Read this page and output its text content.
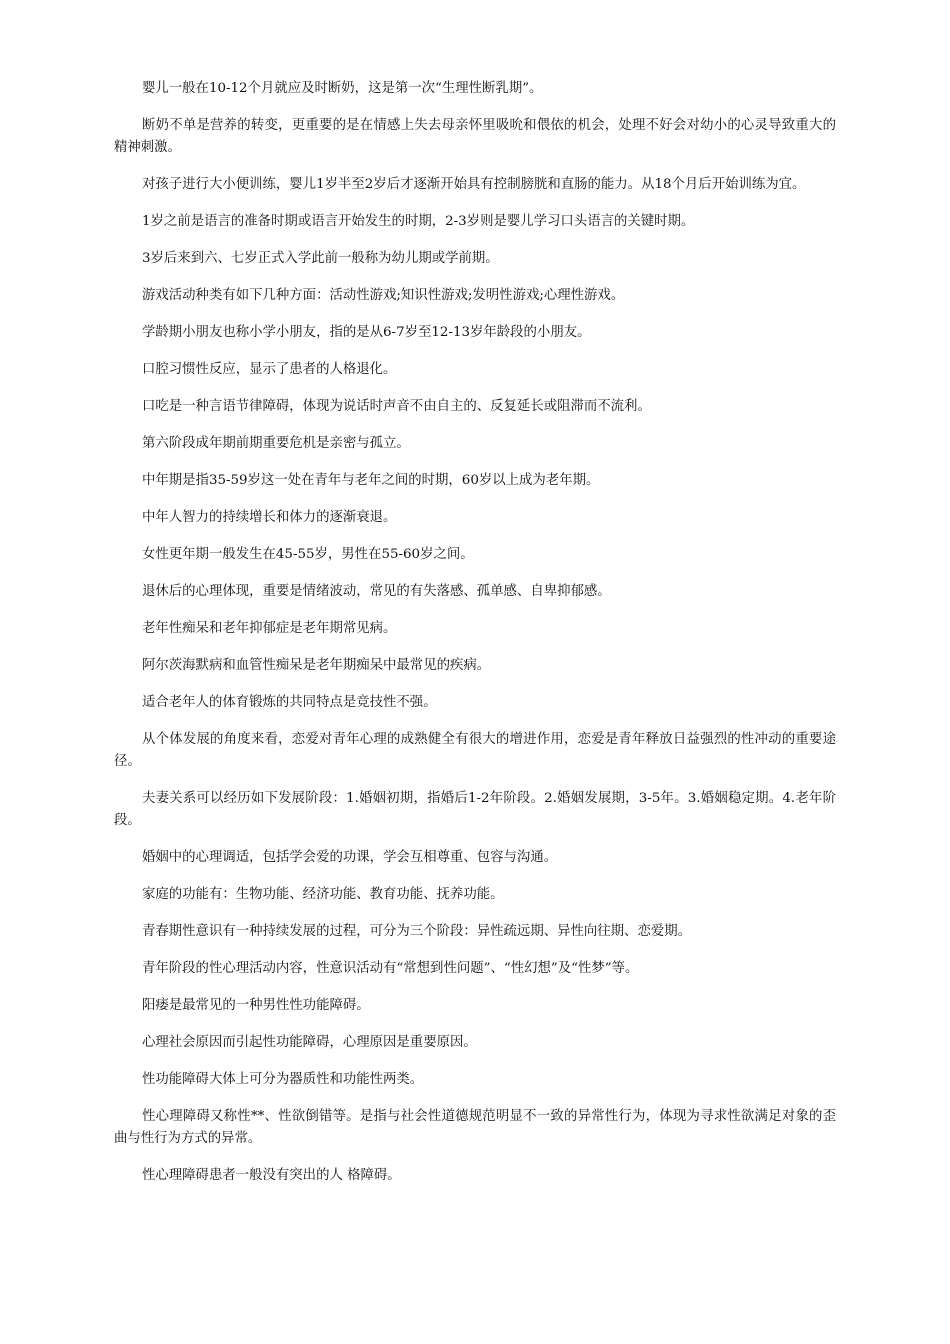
婴儿一般在10-12个月就应及时断奶，这是第一次“生理性断乳期”。

断奶不单是营养的转变，更重要的是在情感上失去母亲怀里吸吮和偎依的机会，处理不好会对幼小的心灵导致重大的精神刺激。

对孩子进行大小便训练，婴儿1岁半至2岁后才逐渐开始具有控制膀胱和直肠的能力。从18个月后开始训练为宜。

1岁之前是语言的准备时期或语言开始发生的时期，2-3岁则是婴儿学习口头语言的关键时期。

3岁后来到六、七岁正式入学此前一般称为幼儿期或学前期。

游戏活动种类有如下几种方面：活动性游戏;知识性游戏;发明性游戏;心理性游戏。

学龄期小朋友也称小学小朋友，指的是从6-7岁至12-13岁年龄段的小朋友。

口腔习惯性反应，显示了患者的人格退化。

口吃是一种言语节律障碍，体现为说话时声音不由自主的、反复延长或阻滞而不流利。

第六阶段成年期前期重要危机是亲密与孤立。

中年期是指35-59岁这一处在青年与老年之间的时期，60岁以上成为老年期。

中年人智力的持续增长和体力的逐渐衰退。

女性更年期一般发生在45-55岁，男性在55-60岁之间。

退休后的心理体现，重要是情绪波动，常见的有失落感、孤单感、自卑抑郁感。

老年性痴呆和老年抑郁症是老年期常见病。

阿尔茨海默病和血管性痴呆是老年期痴呆中最常见的疾病。

适合老年人的体育锻炼的共同特点是竞技性不强。

从个体发展的角度来看，恋爱对青年心理的成熟健全有很大的增进作用，恋爱是青年释放日益强烈的性冲动的重要途径。

夫妻关系可以经历如下发展阶段：1.婚姻初期，指婚后1-2年阶段。2.婚姻发展期，3-5年。3.婚姻稳定期。4.老年阶段。

婚姻中的心理调适，包括学会爱的功课，学会互相尊重、包容与沟通。

家庭的功能有：生物功能、经济功能、教育功能、抚养功能。

青春期性意识有一种持续发展的过程，可分为三个阶段：异性疏远期、异性向往期、恋爱期。

青年阶段的性心理活动内容，性意识活动有“常想到性问题”、“性幻想”及“性梦”等。

阳痿是最常见的一种男性性功能障碍。

心理社会原因而引起性功能障碍，心理原因是重要原因。

性功能障碍大体上可分为器质性和功能性两类。

性心理障碍又称性**、性欲倒错等。是指与社会性道德规范明显不一致的异常性行为，体现为寻求性欲满足对象的歪曲与性行为方式的异常。

性心理障碍患者一般没有突出的人 格障碍。
